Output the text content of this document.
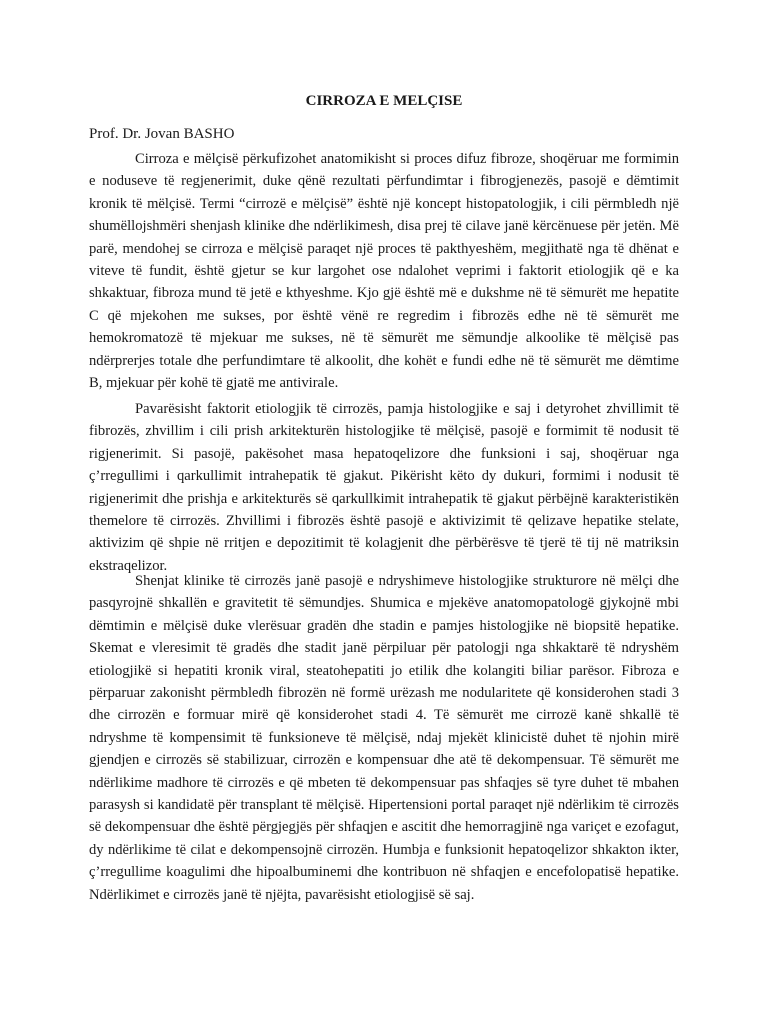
CIRROZA E MELÇISE

Prof. Dr. Jovan BASHO

Cirroza e mëlçisë përkufizohet anatomikisht si proces difuz fibroze, shoqëruar me formimin e noduseve të regjenerimit, duke qënë rezultati përfundimtar i fibrogjenezës, pasojë e dëmtimit kronik të mëlçisë. Termi “cirrozë e mëlçisë” është një koncept histopatologjik, i cili përmbledh një shumëllojshmëri shenjash klinike dhe ndërlikimesh, disa prej të cilave janë kërcënuese për jetën. Më parë, mendohej se cirroza e mëlçisë paraqet një proces të pakthyeshëm, megjithatë nga të dhënat e viteve të fundit, është gjetur se kur largohet ose ndalohet veprimi i faktorit etiologjik që e ka shkaktuar, fibroza mund të jetë e kthyeshme. Kjo gjë është më e dukshme në të sëmurët me hepatite C që mjekohen me sukses, por është vënë re regredim i fibrozës edhe në të sëmurët me hemokromatozë të mjekuar me sukses, në të sëmurët me sëmundje alkoolike të mëlçisë pas ndërprerjes totale dhe perfundimtare të alkoolit, dhe kohët e fundi edhe në të sëmurët me dëmtime B, mjekuar për kohë të gjatë me antivirale.

Pavarësisht faktorit etiologjik të cirrozës, pamja histologjike e saj i detyrohet zhvillimit të fibrozës, zhvillim i cili prish arkitekturën histologjike të mëlçisë, pasojë e formimit të nodusit të rigjenerimit. Si pasojë, pakësohet masa hepatoqelizore dhe funksioni i saj, shoqëruar nga ç’rregullimi i qarkullimit intrahepatik të gjakut. Pikërisht këto dy dukuri, formimi i nodusit të rigjenerimit dhe prishja e arkitekturës së qarkullkimit intrahepatik të gjakut përbëjnë karakteristikën themelore të cirrozës. Zhvillimi i fibrozës është pasojë e aktivizimit të qelizave hepatike stelate, aktivizim që shpie në rritjen e depozitimit të kolagjenit dhe përbërësve të tjerë të tij në matriksin ekstraqelizor.

Shenjat klinike të cirrozës janë pasojë e ndryshimeve histologjike strukturore në mëlçi dhe pasqyrojnë shkallën e gravitetit të sëmundjes. Shumica e mjekëve anatomopatologë gjykojnë mbi dëmtimin e mëlçisë duke vlerësuar gradën dhe stadin e pamjes histologjike në biopsitë hepatike. Skemat e vleresimit të gradës dhe stadit janë përpiluar për patologji nga shkaktarë të ndryshëm etiologjikë si hepatiti kronik viral, steatohepatiti jo etilik dhe kolangiti biliar parësor. Fibroza e përparuar zakonisht përmbledh fibrozën në formë urëzash me nodularitete që konsiderohen stadi 3 dhe cirrozën e formuar mirë që konsiderohet stadi 4. Të sëmurët me cirrozë kanë shkallë të ndryshme të kompensimit të funksioneve të mëlçisë, ndaj mjekët klinicistë duhet të njohin mirë gjendjen e cirrozës së stabilizuar, cirrozën e kompensuar dhe atë të dekompensuar. Të sëmurët me ndërlikime madhore të cirrozës e që mbeten të dekompensuar pas shfaqjes së tyre duhet të mbahen parasysh si kandidatë për transplant të mëlçisë. Hipertensioni portal paraqet një ndërlikim të cirrozës së dekompensuar dhe është përgjegjës për shfaqjen e ascitit dhe hemorragjinë nga variçet e ezofagut, dy ndërlikime të cilat e dekompensojnë cirrozën. Humbja e funksionit hepatoqelizor shkakton ikter, ç’rregullime koagulimi dhe hipoalbuminemi dhe kontribuon në shfaqjen e encefolopatisë hepatike. Ndërlikimet e cirrozës janë të njëjta, pavarësisht etiologjisë së saj.
